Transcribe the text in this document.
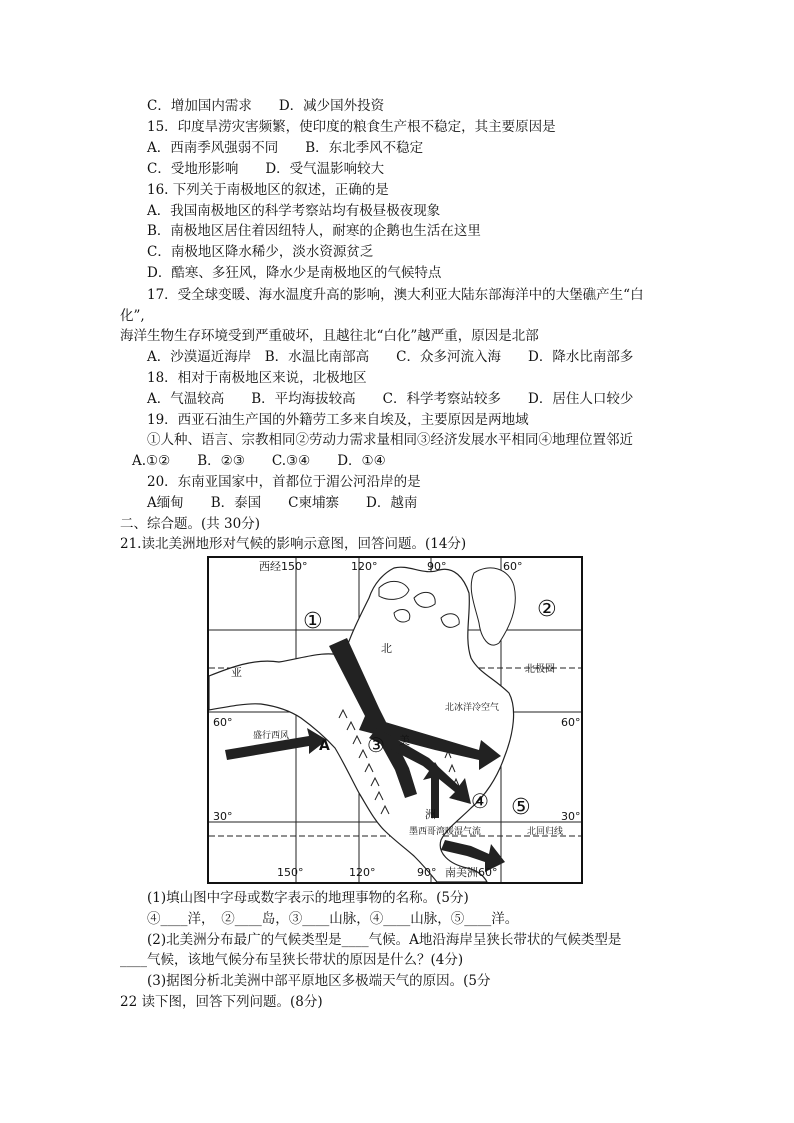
C．增加国内需求　　D．减少国外投资
15．印度旱涝灾害频繁，使印度的粮食生产根不稳定，其主要原因是
A．西南季风强弱不同　　B．东北季风不稳定
C．受地形影响　　D．受气温影响较大
16. 下列关于南极地区的叙述，正确的是
A．我国南极地区的科学考察站均有极昼极夜现象
B．南极地区居住着因纽特人，耐寒的企鹅也生活在这里
C．南极地区降水稀少，淡水资源贫乏
D．酷寒、多狂风，降水少是南极地区的气候特点
17．受全球变暖、海水温度升高的影响，澳大利亚大陆东部海洋中的大堡礁产生“白
化”,
海洋生物生存环境受到严重破坏，且越往北“白化”越严重，原因是北部
A．沙漠逼近海岸　B．水温比南部高　　C．众多河流入海　　D．降水比南部多
18．相对于南极地区来说，北极地区
A．气温较高　　B．平均海拔较高　　C．科学考察站较多　　D．居住人口较少
19．西亚石油生产国的外籍劳工多来自埃及，主要原因是两地域
①人种、语言、宗教相同②劳动力需求量相同③经济发展水平相同④地理位置邻近
A.①②　　B．②③　　C.③④　　D．①④
20．东南亚国家中，首都位于湄公河沿岸的是
A缅甸　　B．泰国　　C柬埔寨　　D．越南
二、综合题。(共 30分)
21.读北美洲地形对气候的影响示意图，回答问题。(14分)
西经150°	120°	90°	60°
60°	60°
30°	30°
150°	120°	90° 南美洲60°
①	②
③
④ ⑤
A
北极圈
北回归线
盛行西风
墨西哥湾暖湿气流
北冰洋冷空气
北
美
洲
亚
(1)填山图中字母或数字表示的地理事物的名称。(5分)
④____洋，　②____岛，③____山脉，④____山脉，⑤____洋。
(2)北美洲分布最广的气候类型是____气候。A地沿海岸呈狭长带状的气候类型是
____气候，该地气候分布呈狭长带状的原因是什么？(4分)
(3)据图分析北美洲中部平原地区多极端天气的原因。(5分
22 读下图，回答下列问题。(8分)
